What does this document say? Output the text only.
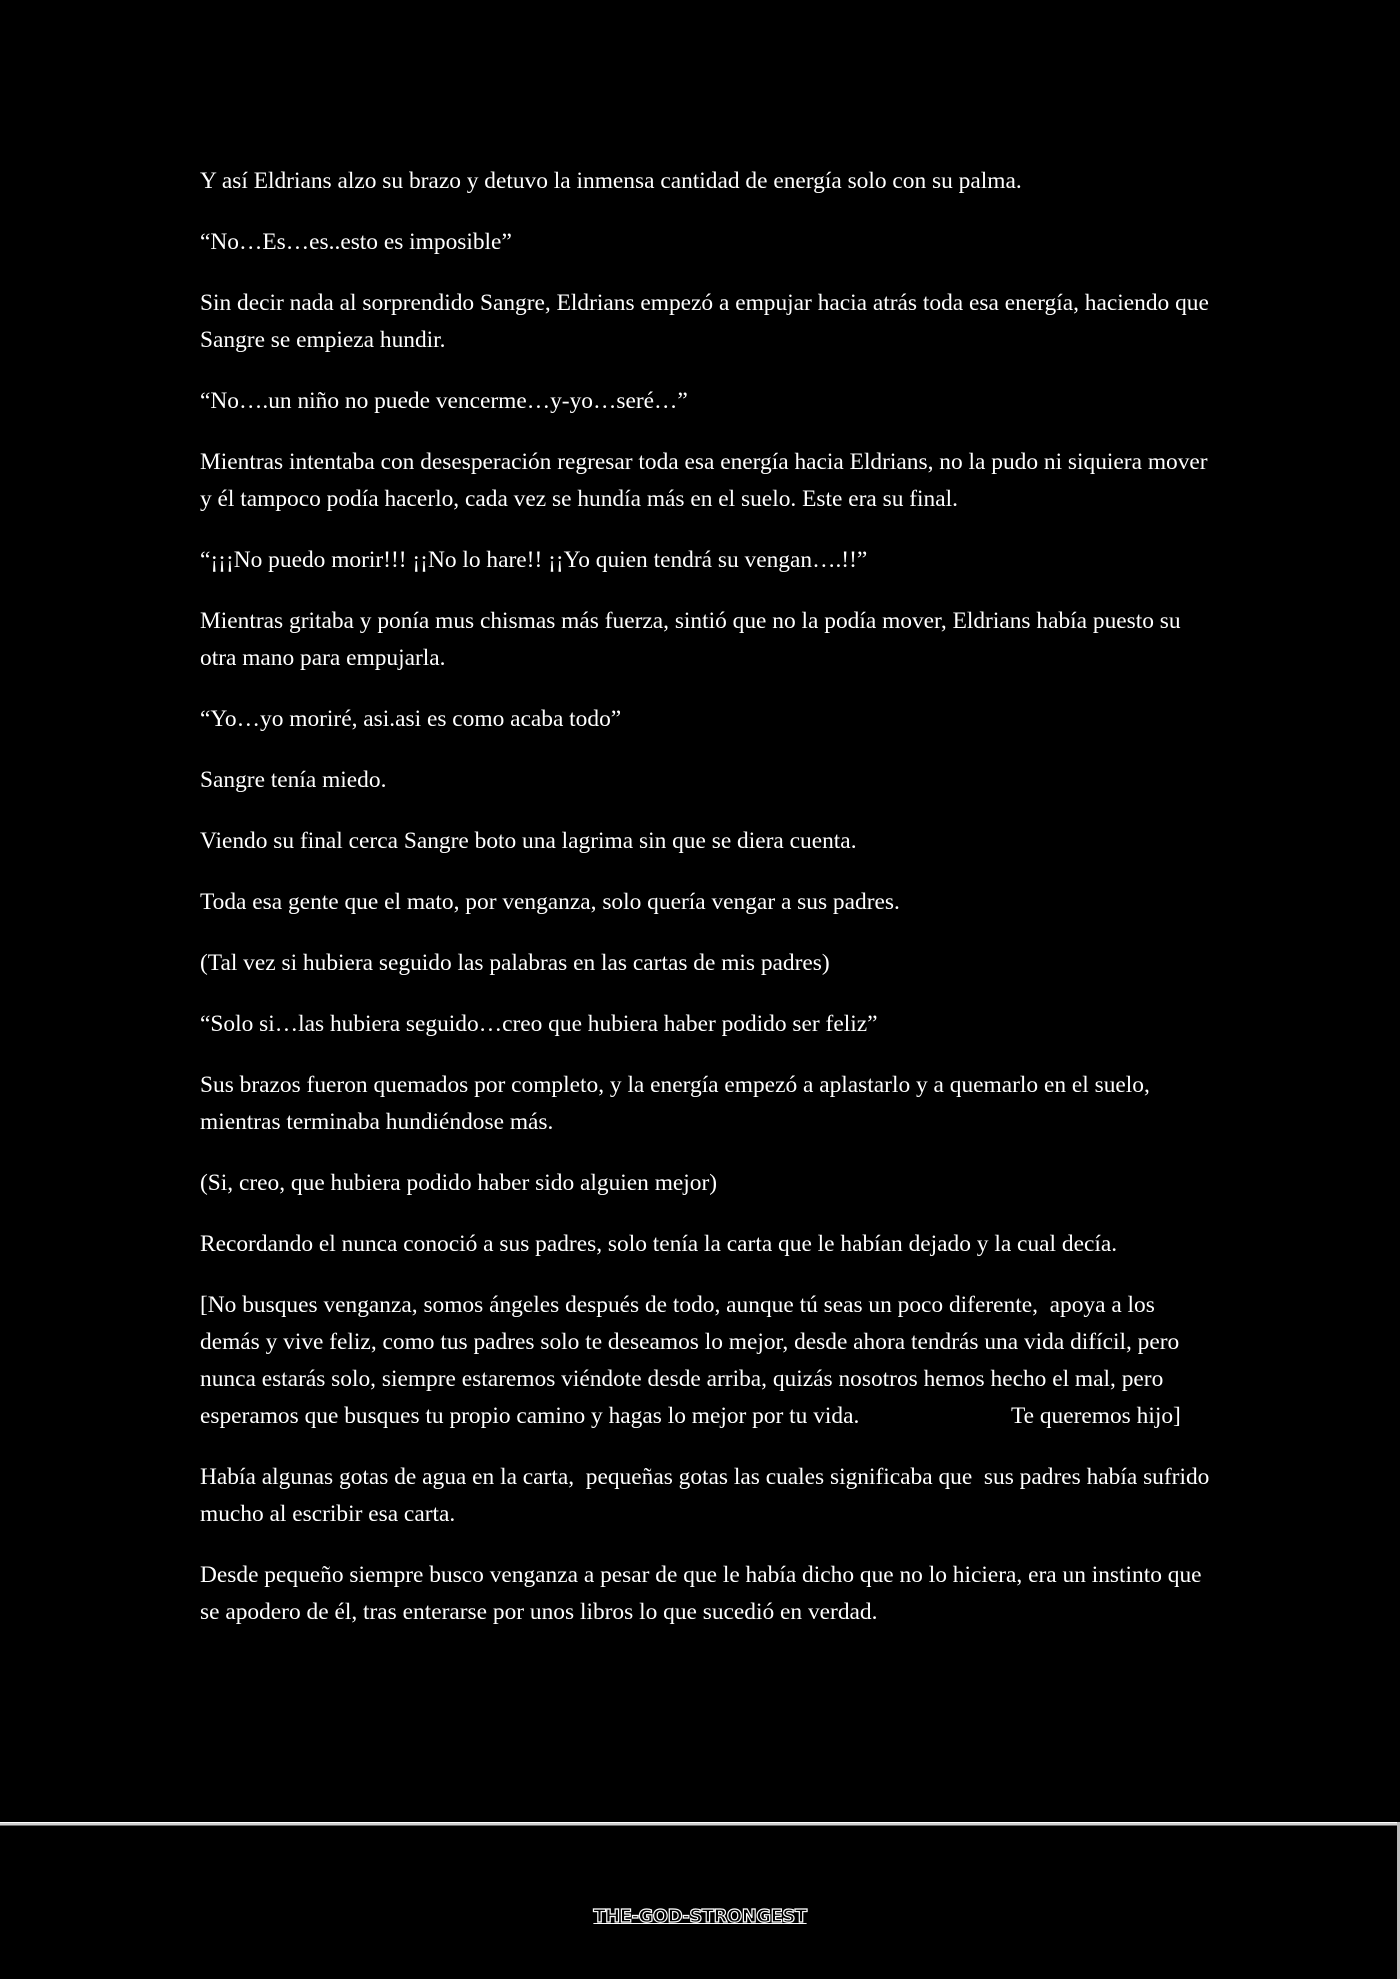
Y así Eldrians alzo su brazo y detuvo la inmensa cantidad de energía solo con su palma.

“No…Es…es..esto es imposible”

Sin decir nada al sorprendido Sangre, Eldrians empezó a empujar hacia atrás toda esa energía, haciendo que Sangre se empieza hundir.

“No….un niño no puede vencerme…y-yo…seré…”

Mientras intentaba con desesperación regresar toda esa energía hacia Eldrians, no la pudo ni siquiera mover y él tampoco podía hacerlo, cada vez se hundía más en el suelo. Este era su final.

“¡¡¡No puedo morir!!! ¡¡No lo hare!! ¡¡Yo quien tendrá su vengan….!!”

Mientras gritaba y ponía mus chismas más fuerza, sintió que no la podía mover, Eldrians había puesto su otra mano para empujarla.

“Yo…yo moriré, asi.asi es como acaba todo”

Sangre tenía miedo.

Viendo su final cerca Sangre boto una lagrima sin que se diera cuenta.

Toda esa gente que el mato, por venganza, solo quería vengar a sus padres.

(Tal vez si hubiera seguido las palabras en las cartas de mis padres)

“Solo si…las hubiera seguido…creo que hubiera haber podido ser feliz”

Sus brazos fueron quemados por completo, y la energía empezó a aplastarlo y a quemarlo en el suelo, mientras terminaba hundiéndose más.

(Si, creo, que hubiera podido haber sido alguien mejor)

Recordando el nunca conoció a sus padres, solo tenía la carta que le habían dejado y la cual decía.

[No busques venganza, somos ángeles después de todo, aunque tú seas un poco diferente,  apoya a los demás y vive feliz, como tus padres solo te deseamos lo mejor, desde ahora tendrás una vida difícil, pero nunca estarás solo, siempre estaremos viéndote desde arriba, quizás nosotros hemos hecho el mal, pero esperamos que busques tu propio camino y hagas lo mejor por tu vida.                          Te queremos hijo]

Había algunas gotas de agua en la carta,  pequeñas gotas las cuales significaba que  sus padres había sufrido mucho al escribir esa carta.

Desde pequeño siempre busco venganza a pesar de que le había dicho que no lo hiciera, era un instinto que se apodero de él, tras enterarse por unos libros lo que sucedió en verdad.

THE-GOD-STRONGEST
